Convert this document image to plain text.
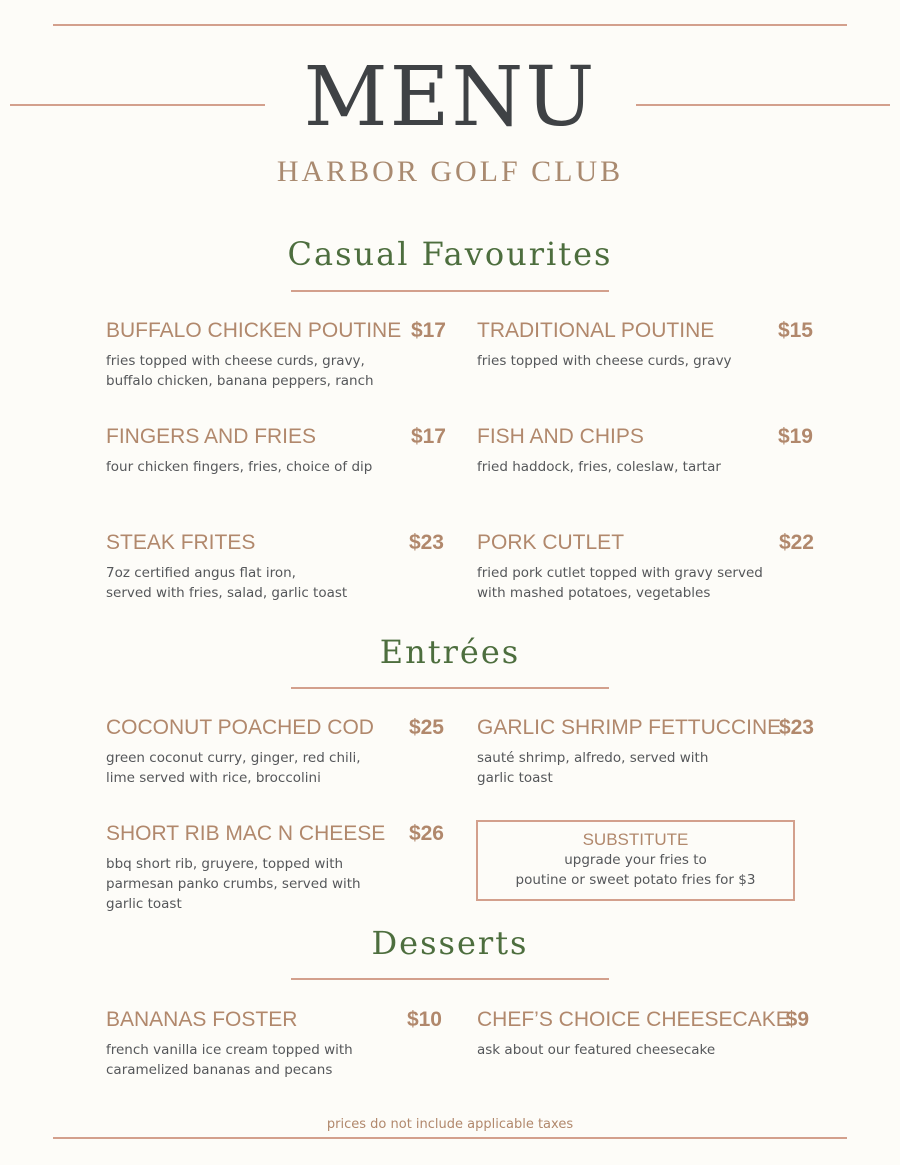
MENU
HARBOR GOLF CLUB
Casual Favourites
BUFFALO CHICKEN POUTINE $17
fries topped with cheese curds, gravy,
buffalo chicken, banana peppers, ranch
TRADITIONAL POUTINE	$15
fries topped with cheese curds, gravy
FINGERS AND FRIES	$17
four chicken fingers, fries, choice of dip
FISH AND CHIPS	$19
fried haddock, fries, coleslaw, tartar
STEAK FRITES	$23
7oz certified angus flat iron,
served with fries, salad, garlic toast
PORK CUTLET	$22
fried pork cutlet topped with gravy served
with mashed potatoes, vegetables
Entrées
COCONUT POACHED COD $25
green coconut curry, ginger, red chili,
lime served with rice, broccolini
GARLIC SHRIMP FETTUCCINE
$23
sauté shrimp, alfredo, served with
garlic toast
SHORT RIB MAC N CHEESE $26
bbq short rib, gruyere, topped with
parmesan panko crumbs, served with
garlic toast
SUBSTITUTE
upgrade your fries to
poutine or sweet potato fries for $3
Desserts
BANANAS FOSTER	$10
french vanilla ice cream topped with
caramelized bananas and pecans
CHEF’S CHOICE CHEESECAKE
$9
ask about our featured cheesecake
prices do not include applicable taxes
